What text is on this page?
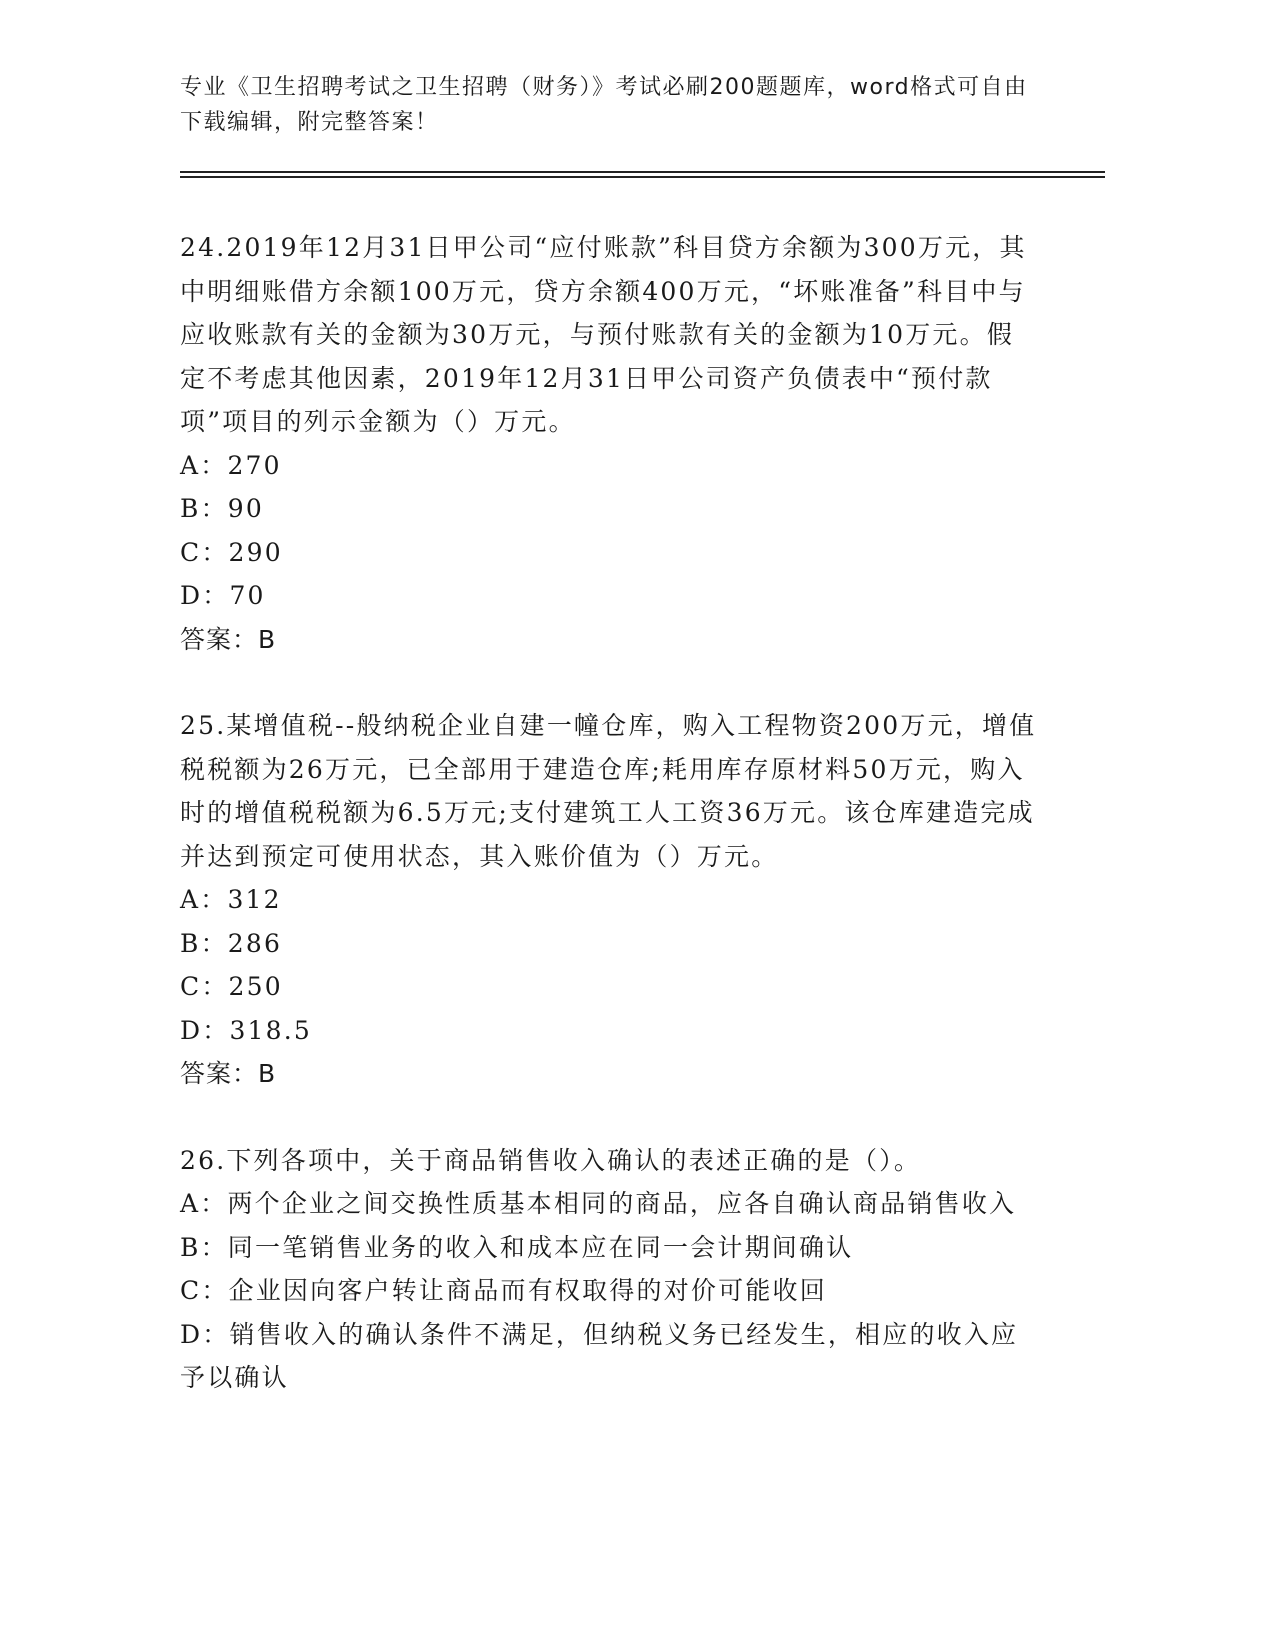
专业《卫生招聘考试之卫生招聘（财务）》考试必刷200题题库，word格式可自由下载编辑，附完整答案！

24.2019年12月31日甲公司“应付账款”科目贷方余额为300万元，其中明细账借方余额100万元，贷方余额400万元，“坏账准备”科目中与应收账款有关的金额为30万元，与预付账款有关的金额为10万元。假定不考虑其他因素，2019年12月31日甲公司资产负债表中“预付款项”项目的列示金额为（）万元。

A：270

B：90

C：290

D：70

答案：B

25.某增值税--般纳税企业自建一幢仓库，购入工程物资200万元，增值税税额为26万元，已全部用于建造仓库;耗用库存原材料50万元，购入时的增值税税额为6.5万元;支付建筑工人工资36万元。该仓库建造完成并达到预定可使用状态，其入账价值为（）万元。

A：312

B：286

C：250

D：318.5

答案：B

26.下列各项中，关于商品销售收入确认的表述正确的是（）。

A：两个企业之间交换性质基本相同的商品，应各自确认商品销售收入

B：同一笔销售业务的收入和成本应在同一会计期间确认

C：企业因向客户转让商品而有权取得的对价可能收回

D：销售收入的确认条件不满足，但纳税义务已经发生，相应的收入应予以确认
